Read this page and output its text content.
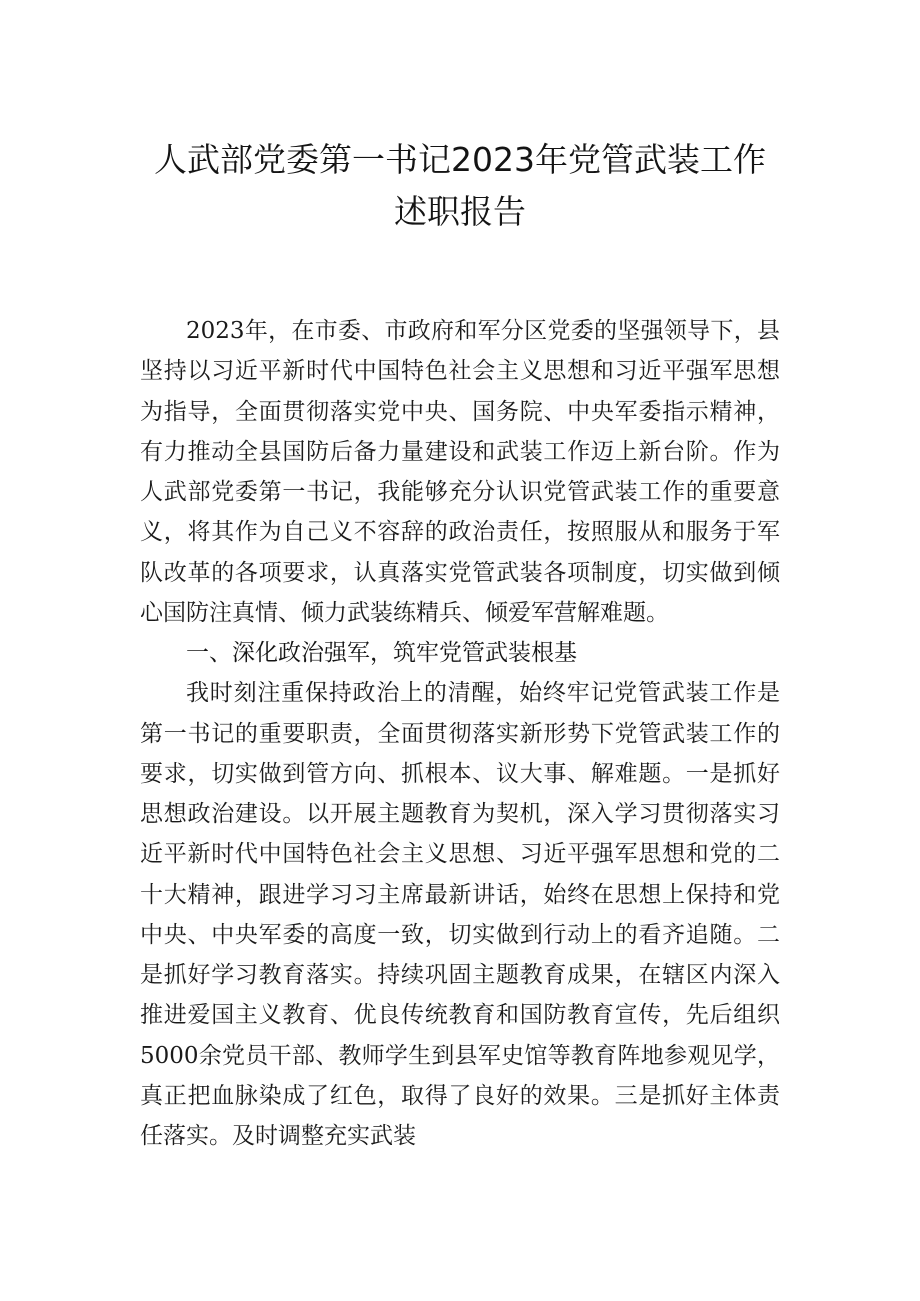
人武部党委第一书记2023年党管武装工作
述职报告

2023年，在市委、市政府和军分区党委的坚强领导下，县坚持以习近平新时代中国特色社会主义思想和习近平强军思想为指导，全面贯彻落实党中央、国务院、中央军委指示精神，有力推动全县国防后备力量建设和武装工作迈上新台阶。作为人武部党委第一书记，我能够充分认识党管武装工作的重要意义，将其作为自己义不容辞的政治责任，按照服从和服务于军队改革的各项要求，认真落实党管武装各项制度，切实做到倾心国防注真情、倾力武装练精兵、倾爱军营解难题。

一、深化政治强军，筑牢党管武装根基

我时刻注重保持政治上的清醒，始终牢记党管武装工作是第一书记的重要职责，全面贯彻落实新形势下党管武装工作的要求，切实做到管方向、抓根本、议大事、解难题。一是抓好思想政治建设。以开展主题教育为契机，深入学习贯彻落实习近平新时代中国特色社会主义思想、习近平强军思想和党的二十大精神，跟进学习习主席最新讲话，始终在思想上保持和党中央、中央军委的高度一致，切实做到行动上的看齐追随。二是抓好学习教育落实。持续巩固主题教育成果，在辖区内深入推进爱国主义教育、优良传统教育和国防教育宣传，先后组织5000余党员干部、教师学生到县军史馆等教育阵地参观见学，真正把血脉染成了红色，取得了良好的效果。三是抓好主体责任落实。及时调整充实武装
